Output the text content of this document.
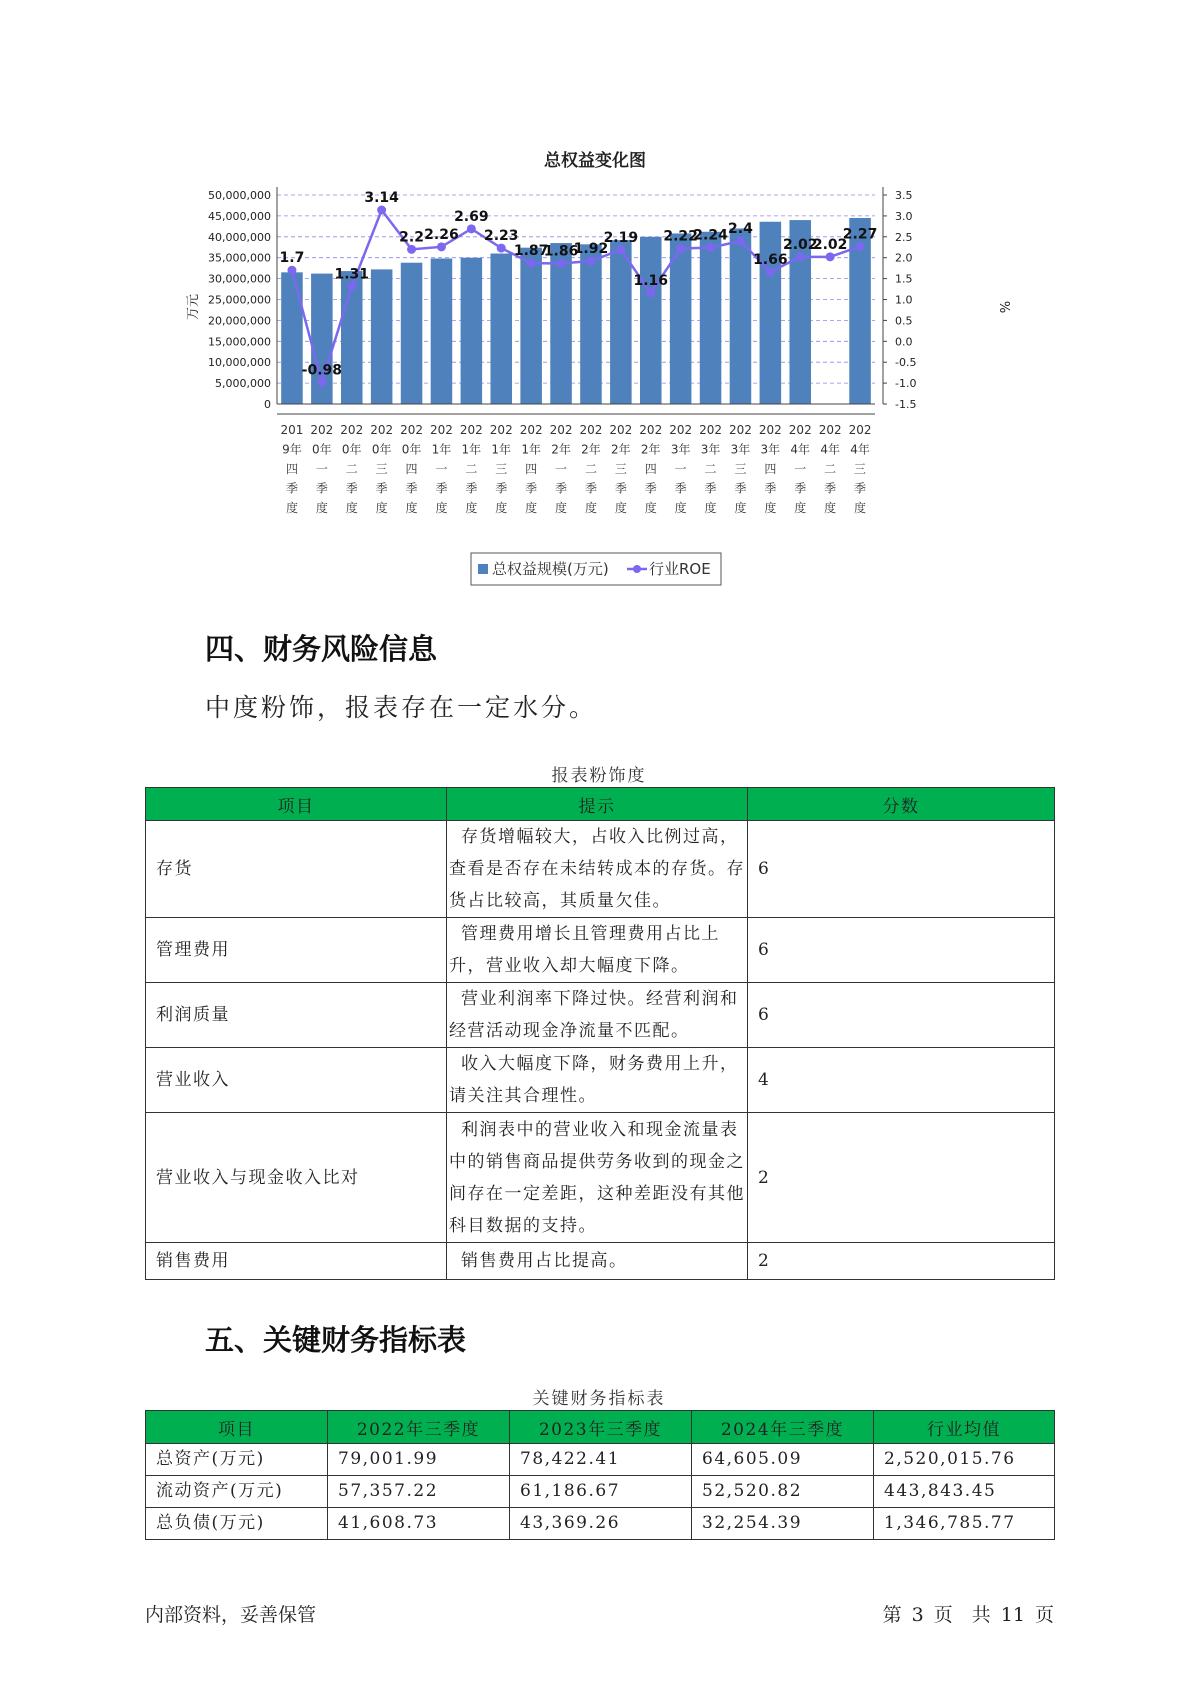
总权益变化图
1.7
-0.98
1.31
3.14
2.2 2.26
2.69
2.23
1.87
1.86
1.92
2.19
1.16
2.22
2.24 2.4
1.66
2.02
2.02
2.27
0
5,000,000
10,000,000
15,000,000
20,000,000
25,000,000
30,000,000
35,000,000
40,000,000
45,000,000
50,000,000
-1.5
-1.0
-0.5
0.0
0.5
1.0
1.5
2.0
2.5
3.0
3.5
万元	%
201
9年
四
季
度
202
0年
一
季
度
202
0年
二
季
度
202
0年
三
季
度
202
0年
四
季
度
202
1年
一
季
度
202
1年
二
季
度
202
1年
三
季
度
202
1年
四
季
度
202
2年
一
季
度
202
2年
二
季
度
202
2年
三
季
度
202
2年
四
季
度
202
3年
一
季
度
202
3年
二
季
度
202
3年
三
季
度
202
3年
四
季
度
202
4年
一
季
度
202
4年
二
季
度
202
4年
三
季
度
总权益规模(万元)	行业ROE
四、财务风险信息

中度粉饰，报表存在一定水分。

报表粉饰度
项目	提示	分数
存货	存货增幅较大，占收入比例过高，查看是否存在未结转成本的存货。存货占比较高，其质量欠佳。	6
管理费用	管理费用增长且管理费用占比上升，营业收入却大幅度下降。	6
利润质量	营业利润率下降过快。经营利润和经营活动现金净流量不匹配。	6
营业收入	收入大幅度下降，财务费用上升，请关注其合理性。	4
营业收入与现金收入比对	利润表中的营业收入和现金流量表中的销售商品提供劳务收到的现金之间存在一定差距，这种差距没有其他科目数据的支持。	2
销售费用	销售费用占比提高。	2
五、关键财务指标表
关键财务指标表
项目	2022年三季度	2023年三季度	2024年三季度	行业均值
总资产(万元)	79,001.99	78,422.41	64,605.09	2,520,015.76
流动资产(万元)	57,357.22	61,186.67	52,520.82	443,843.45
总负债(万元)	41,608.73	43,369.26	32,254.39	1,346,785.77
内部资料，妥善保管	第 3 页　共 11 页
